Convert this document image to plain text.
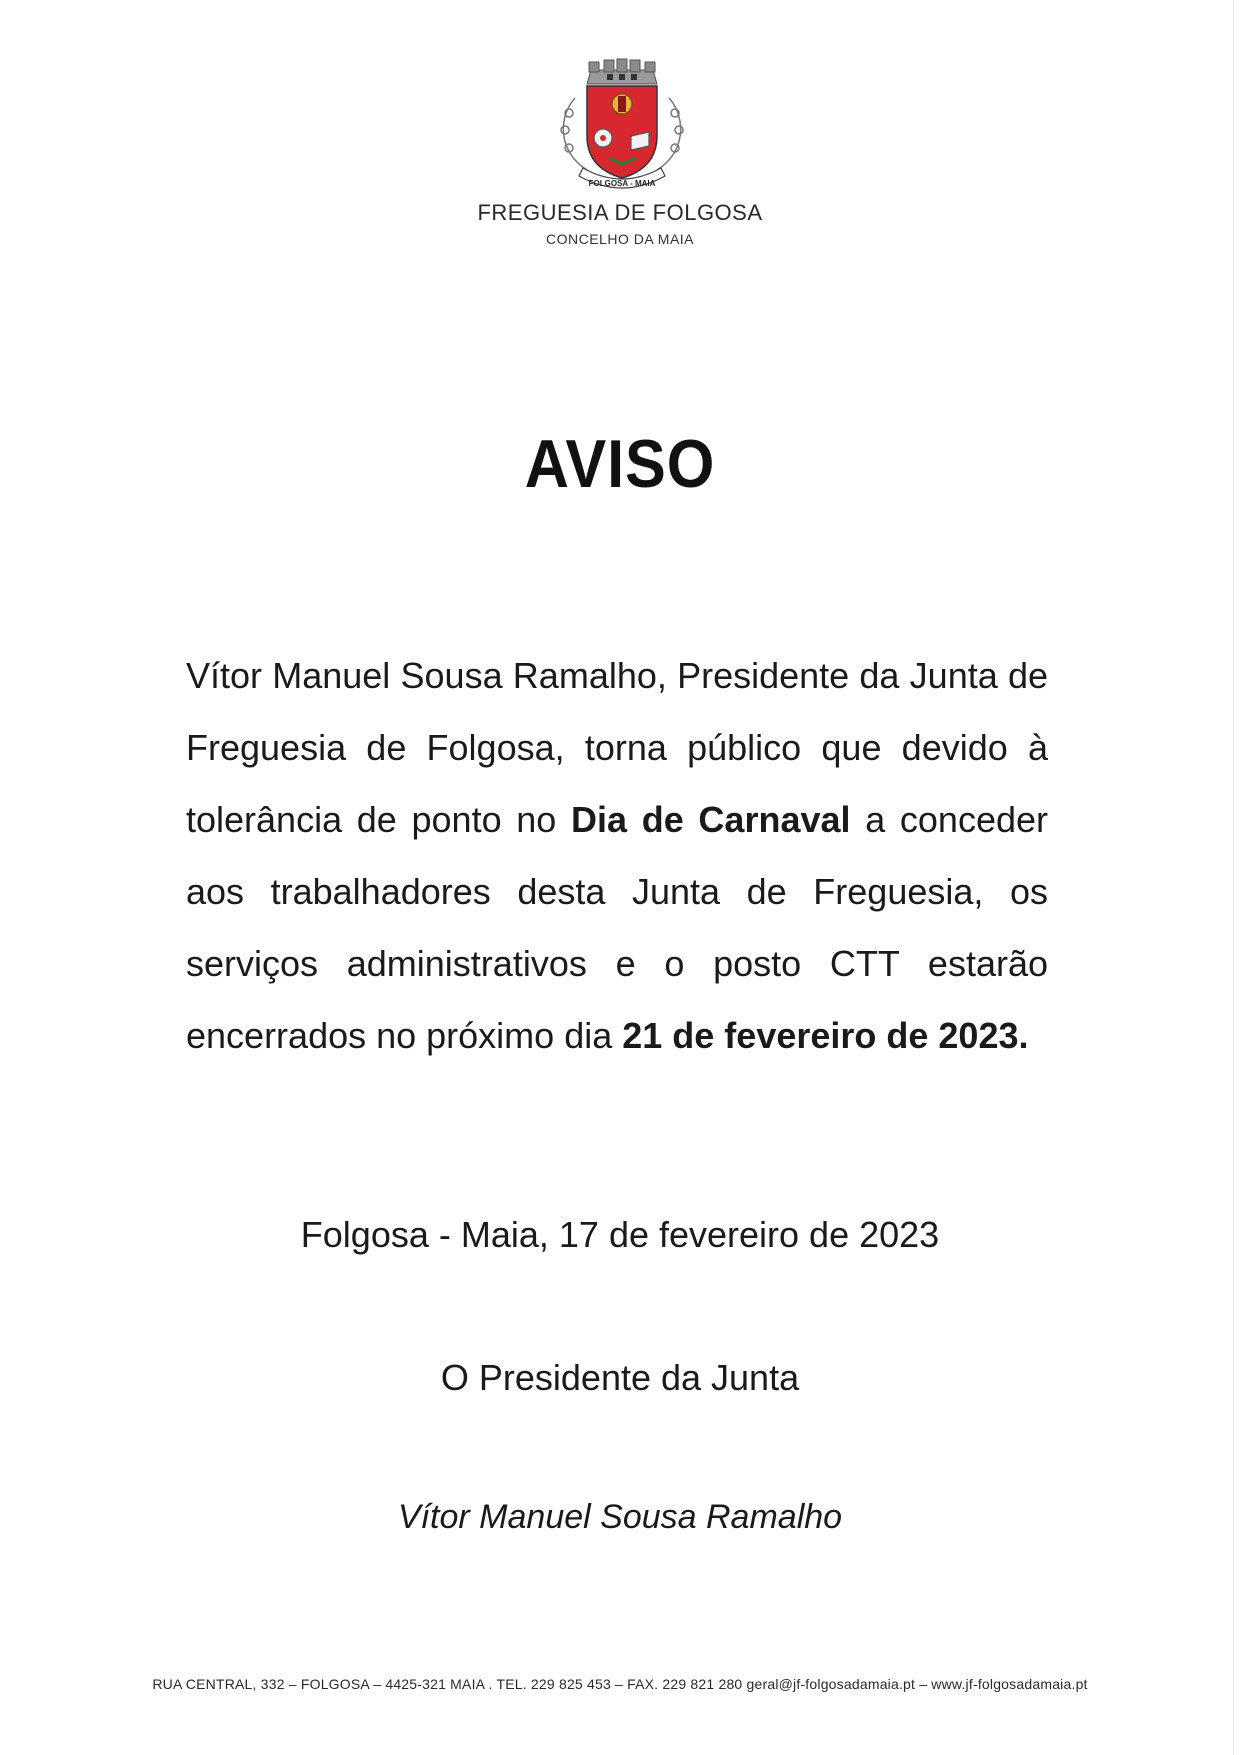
FOLGOSA - MAIA
FREGUESIA DE FOLGOSA
CONCELHO DA MAIA
AVISO
Vítor Manuel Sousa Ramalho, Presidente da Junta de Freguesia de Folgosa, torna público que devido à tolerância de ponto no Dia de Carnaval a conceder aos trabalhadores desta Junta de Freguesia, os serviços administrativos e o posto CTT estarão encerrados no próximo dia 21 de fevereiro de 2023.
Folgosa - Maia, 17 de fevereiro de 2023
O Presidente da Junta
Vítor Manuel Sousa Ramalho
RUA CENTRAL, 332 – FOLGOSA – 4425-321 MAIA . TEL. 229 825 453 – FAX. 229 821 280 geral@jf-folgosadamaia.pt – www.jf-folgosadamaia.pt
